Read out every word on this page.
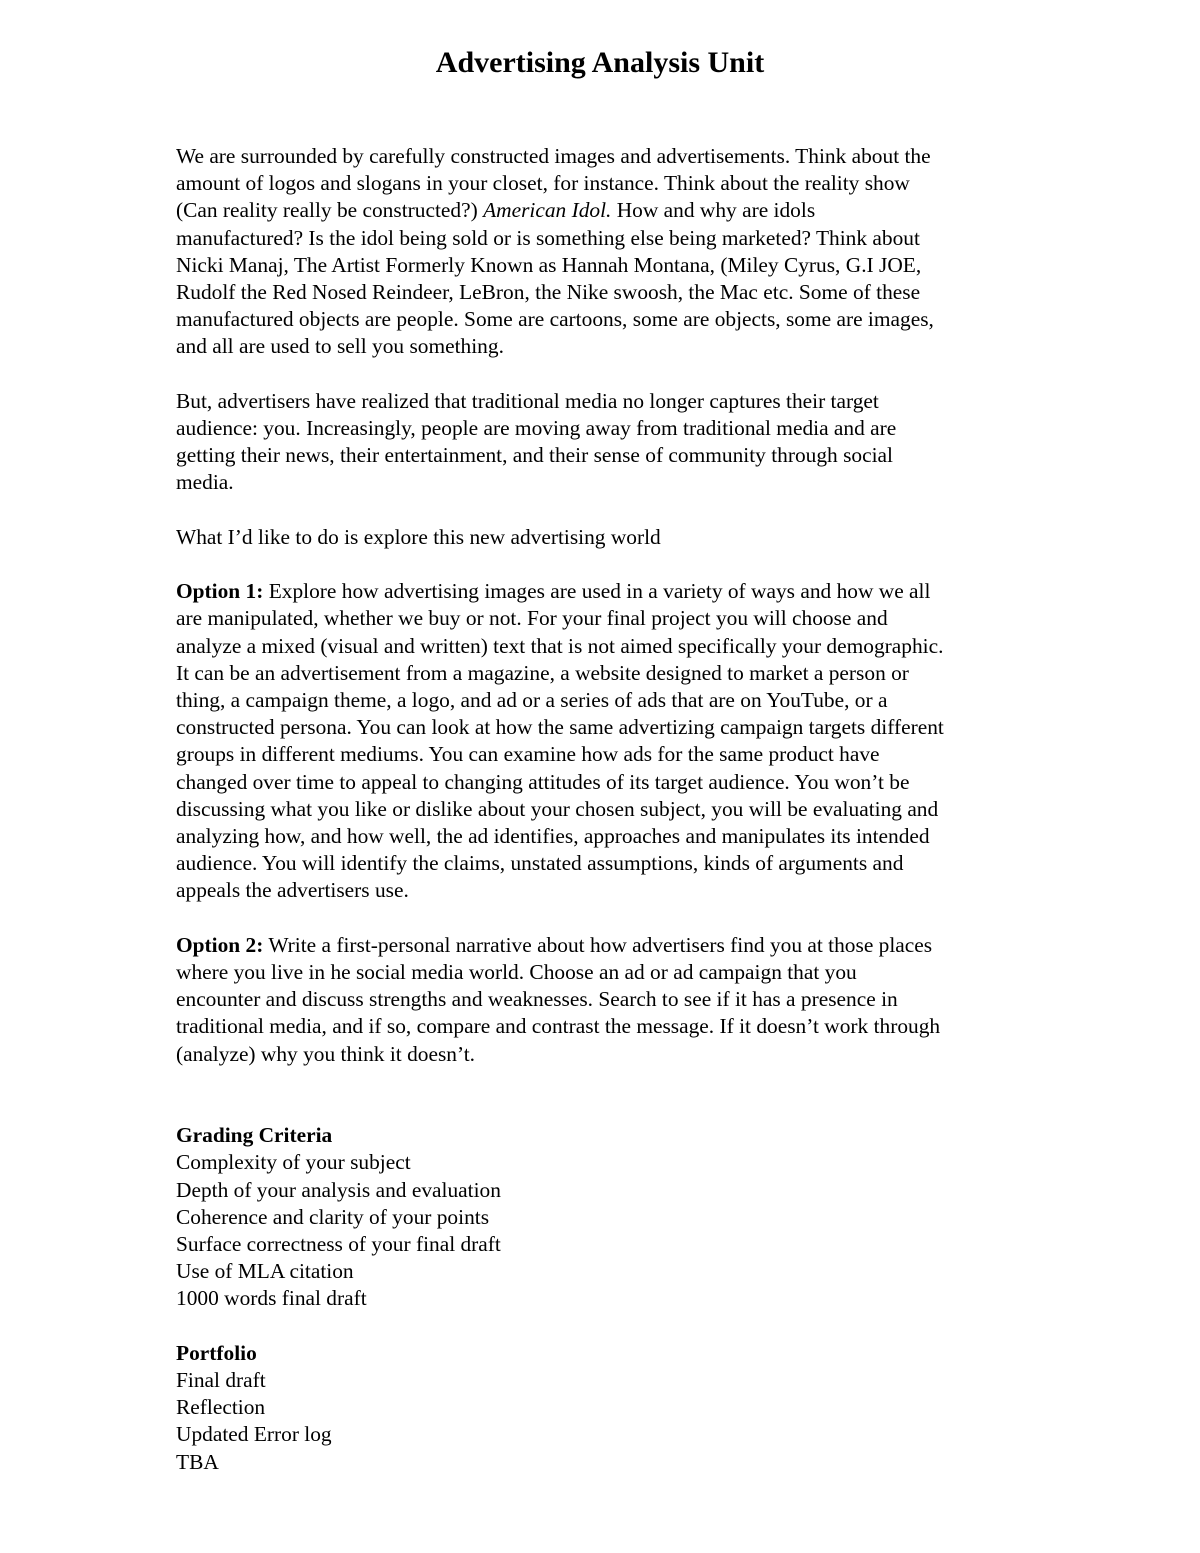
Advertising Analysis Unit

We are surrounded by carefully constructed images and advertisements. Think about the
amount of logos and slogans in your closet, for instance. Think about the reality show
(Can reality really be constructed?) American Idol. How and why are idols
manufactured? Is the idol being sold or is something else being marketed? Think about
Nicki Manaj, The Artist Formerly Known as Hannah Montana, (Miley Cyrus, G.I JOE,
Rudolf the Red Nosed Reindeer, LeBron, the Nike swoosh, the Mac etc. Some of these
manufactured objects are people. Some are cartoons, some are objects, some are images,
and all are used to sell you something.

But, advertisers have realized that traditional media no longer captures their target
audience: you. Increasingly, people are moving away from traditional media and are
getting their news, their entertainment, and their sense of community through social
media.

What I’d like to do is explore this new advertising world

Option 1: Explore how advertising images are used in a variety of ways and how we all
are manipulated, whether we buy or not. For your final project you will choose and
analyze a mixed (visual and written) text that is not aimed specifically your demographic.
It can be an advertisement from a magazine, a website designed to market a person or
thing, a campaign theme, a logo, and ad or a series of ads that are on YouTube, or a
constructed persona. You can look at how the same advertizing campaign targets different
groups in different mediums. You can examine how ads for the same product have
changed over time to appeal to changing attitudes of its target audience. You won’t be
discussing what you like or dislike about your chosen subject, you will be evaluating and
analyzing how, and how well, the ad identifies, approaches and manipulates its intended
audience. You will identify the claims, unstated assumptions, kinds of arguments and
appeals the advertisers use.

Option 2: Write a first-personal narrative about how advertisers find you at those places
where you live in he social media world. Choose an ad or ad campaign that you
encounter and discuss strengths and weaknesses. Search to see if it has a presence in
traditional media, and if so, compare and contrast the message. If it doesn’t work through
(analyze) why you think it doesn’t.

Grading Criteria
Complexity of your subject
Depth of your analysis and evaluation
Coherence and clarity of your points
Surface correctness of your final draft
Use of MLA citation
1000 words final draft
Portfolio
Final draft
Reflection
Updated Error log
TBA
